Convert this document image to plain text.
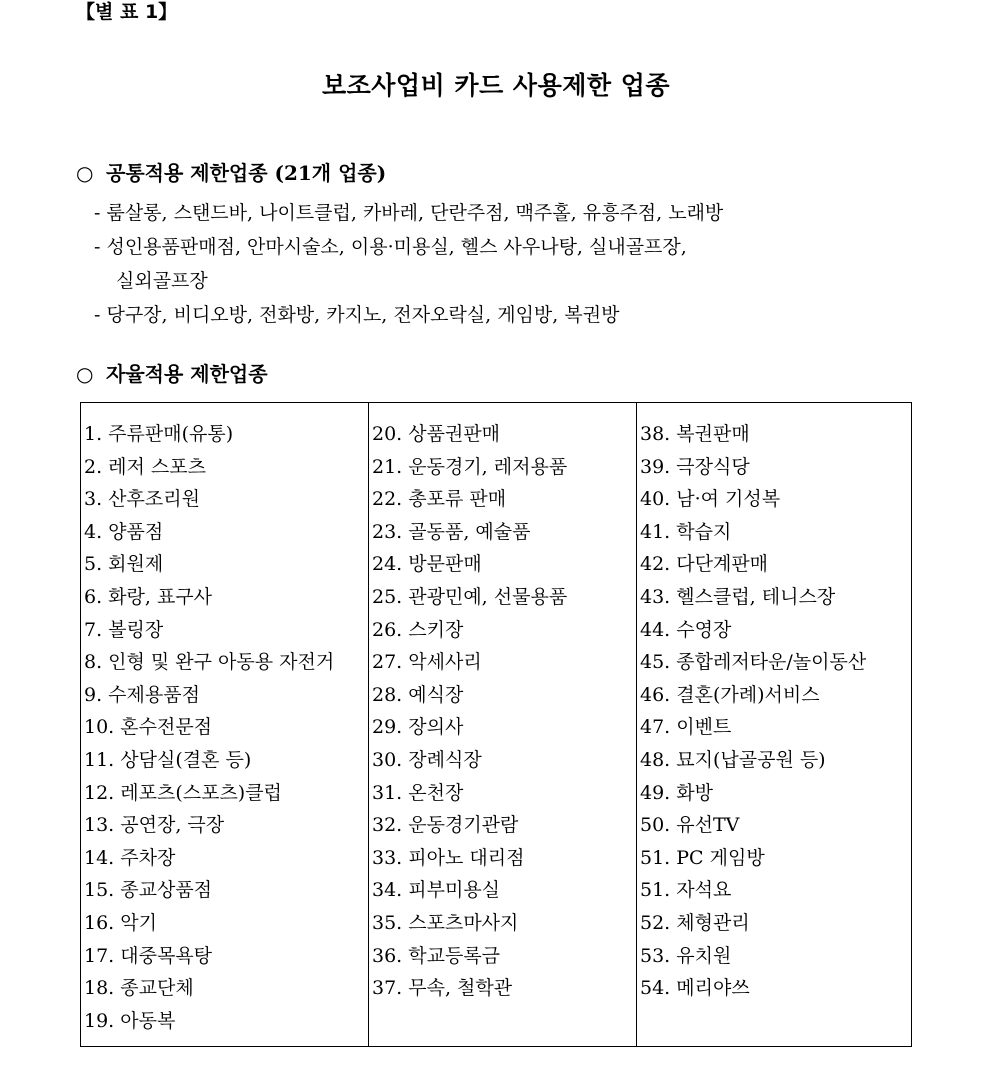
【별 표 1】
보조사업비 카드 사용제한 업종
○ 공통적용 제한업종 (21개 업종)
- 룸살롱, 스탠드바, 나이트클럽, 카바레, 단란주점, 맥주홀, 유흥주점, 노래방
- 성인용품판매점, 안마시술소, 이용·미용실, 헬스 사우나탕, 실내골프장,
실외골프장
- 당구장, 비디오방, 전화방, 카지노, 전자오락실, 게임방, 복권방
○ 자율적용 제한업종
1. 주류판매(유통)
2. 레저 스포츠
3. 산후조리원
4. 양품점
5. 회원제
6. 화랑, 표구사
7. 볼링장
8. 인형 및 완구 아동용 자전거
9. 수제용품점
10. 혼수전문점
11. 상담실(결혼 등)
12. 레포츠(스포츠)클럽
13. 공연장, 극장
14. 주차장
15. 종교상품점
16. 악기
17. 대중목욕탕
18. 종교단체
19. 아동복
20. 상품권판매
21. 운동경기, 레저용품
22. 총포류 판매
23. 골동품, 예술품
24. 방문판매
25. 관광민예, 선물용품
26. 스키장
27. 악세사리
28. 예식장
29. 장의사
30. 장례식장
31. 온천장
32. 운동경기관람
33. 피아노 대리점
34. 피부미용실
35. 스포츠마사지
36. 학교등록금
37. 무속, 철학관
38. 복권판매
39. 극장식당
40. 남·여 기성복
41. 학습지
42. 다단계판매
43. 헬스클럽, 테니스장
44. 수영장
45. 종합레저타운/놀이동산
46. 결혼(가례)서비스
47. 이벤트
48. 묘지(납골공원 등)
49. 화방
50. 유선TV
51. PC 게임방
51. 자석요
52. 체형관리
53. 유치원
54. 메리야쓰
